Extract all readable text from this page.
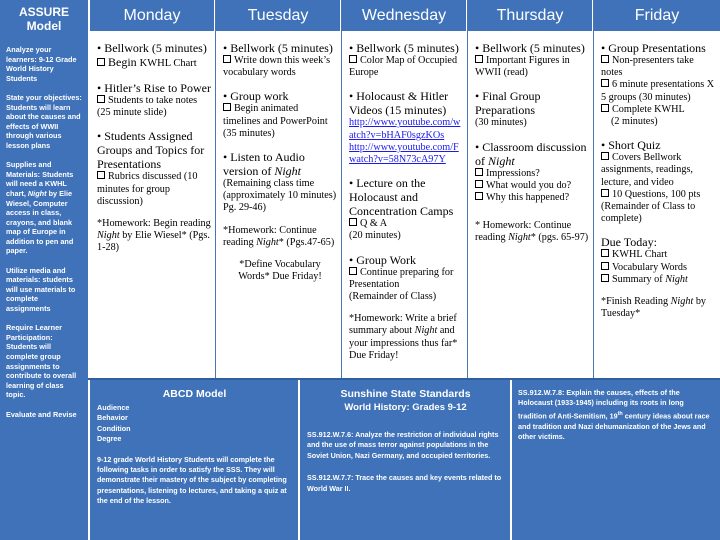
ASSURE Model
Analyze your learners: 9-12 Grade World History Students

State your objectives: Students will learn about the causes and effects of WWII through various lesson plans

Supplies and Materials: Students will need a KWHL chart, Night by Elie Wiesel, Computer access in class, crayons, and blank map of Europe in addition to pen and paper.

Utilize media and materials: students will use materials to complete assignments

Require Learner Participation: Students will complete group assignments to contribute to overall learning of class topic.

Evaluate and Revise
Monday

• Bellwork (5 minutes)

Begin KWHL Chart

• Hitler’s Rise to Power

Students to take notes (25 minute slide)

• Students Assigned Groups and Topics for Presentations

Rubrics discussed (10 minutes for group discussion)

*Homework: Begin reading Night by Elie Wiesel* (Pgs. 1-28)

Tuesday

• Bellwork (5 minutes)

Write down this week’s vocabulary words

• Group work

Begin animated timelines and PowerPoint (35 minutes)

• Listen to Audio version of Night

(Remaining class time (approximately 10 minutes) Pg. 29-46)

*Homework: Continue reading Night* (Pgs.47-65)

*Define Vocabulary Words* Due Friday!

Wednesday

• Bellwork (5 minutes)

Color Map of Occupied Europe

• Holocaust & Hitler Videos (15 minutes)

http://www.youtube.com/watch?v=bHAF0sgzKOs

http://www.youtube.com/Fwatch?v=58N73cA97Y

• Lecture on the Holocaust and Concentration Camps

Q & A

(20 minutes)

• Group Work

Continue preparing for Presentation

(Remainder of Class)

*Homework: Write a brief summary about Night and your impressions thus far* Due Friday!

Thursday

• Bellwork (5 minutes)

Important Figures in WWII (read)

• Final Group Preparations

(30 minutes)

• Classroom discussion of Night

Impressions?

What would you do?

Why this happened?

* Homework: Continue reading Night* (pgs. 65-97)

Friday

• Group Presentations

Non-presenters take notes

6 minute presentations X 5 groups (30 minutes)

Complete KWHL

(2 minutes)

• Short Quiz

Covers Bellwork assignments, readings, lecture, and video

10 Questions, 100 pts (Remainder of Class to complete)

Due Today:

KWHL Chart

Vocabulary Words

Summary of Night

*Finish Reading Night by Tuesday*

ABCD Model
Audience
Behavior
Condition
Degree
9-12 grade World History Students will complete the following tasks in order to satisfy the SSS. They will demonstrate their mastery of the subject by completing presentations, listening to lectures, and taking a quiz at the end of the lesson.
Sunshine State Standards
World History: Grades 9-12
SS.912.W.7.6: Analyze the restriction of individual rights and the use of mass terror against populations in the Soviet Union, Nazi Germany, and occupied territories.
SS.912.W.7.7: Trace the causes and key events related to World War II.
SS.912.W.7.8: Explain the causes, effects of the Holocaust (1933-1945) including its roots in long tradition of Anti-Semitism, 19th century ideas about race and tradition and Nazi dehumanization of the Jews and other victims.
